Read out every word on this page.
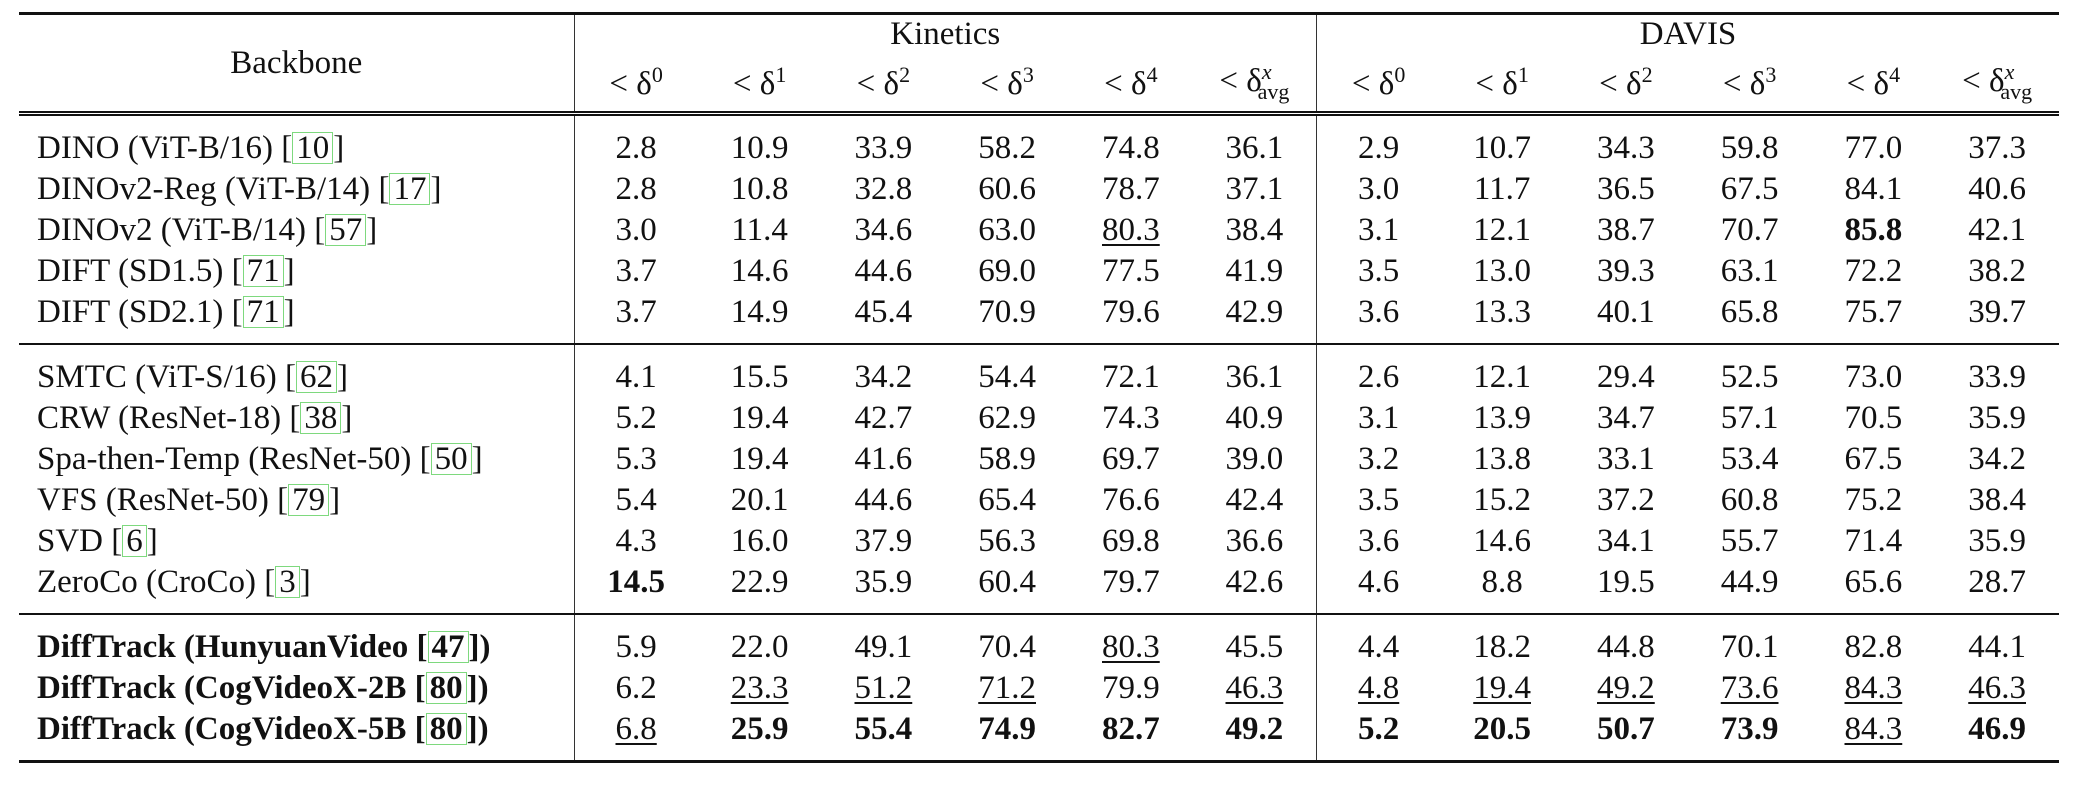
Backbone	Kinetics						DAVIS					
	< $\delta^0$	< $\delta^1$	< $\delta^2$	< $\delta^3$	< $\delta^4$	< $\delta^x_{avg}$	< $\delta^0$	< $\delta^1$	< $\delta^2$	< $\delta^3$	< $\delta^4$	< $\delta^x_{avg}$
DINO (ViT-B/16) [ 10 ]	2.8	10.9	33.9	58.2	74.8	36.1	2.9	10.7	34.3	59.8	77.0	37.3
DINOv2-Reg (ViT-B/14) [ 17 ]	2.8	10.8	32.8	60.6	78.7	37.1	3.0	11.7	36.5	67.5	84.1	40.6
DINOv2 (ViT-B/14) [ 57 ]	3.0	11.4	34.6	63.0	80.3	38.4	3.1	12.1	38.7	70.7	85.8	42.1
DIFT (SD1.5) [ 71 ]	3.7	14.6	44.6	69.0	77.5	41.9	3.5	13.0	39.3	63.1	72.2	38.2
DIFT (SD2.1) [ 71 ]	3.7	14.9	45.4	70.9	79.6	42.9	3.6	13.3	40.1	65.8	75.7	39.7
SMTC (ViT-S/16) [ 62 ]	4.1	15.5	34.2	54.4	72.1	36.1	2.6	12.1	29.4	52.5	73.0	33.9
CRW (ResNet-18) [ 38 ]	5.2	19.4	42.7	62.9	74.3	40.9	3.1	13.9	34.7	57.1	70.5	35.9
Spa-then-Temp (ResNet-50) [ 50 ]	5.3	19.4	41.6	58.9	69.7	39.0	3.2	13.8	33.1	53.4	67.5	34.2
VFS (ResNet-50) [ 79 ]	5.4	20.1	44.6	65.4	76.6	42.4	3.5	15.2	37.2	60.8	75.2	38.4
SVD [ 6 ]	4.3	16.0	37.9	56.3	69.8	36.6	3.6	14.6	34.1	55.7	71.4	35.9
ZeroCo (CroCo) [ 3 ]	14.5	22.9	35.9	60.4	79.7	42.6	4.6	8.8	19.5	44.9	65.6	28.7
DiffTrack (HunyuanVideo [ 47 ])	5.9	22.0	49.1	70.4	80.3	45.5	4.4	18.2	44.8	70.1	82.8	44.1
DiffTrack (CogVideoX-2B [ 80 ])	6.2	23.3	51.2	71.2	79.9	46.3	4.8	19.4	49.2	73.6	84.3	46.3
DiffTrack (CogVideoX-5B [ 80 ])	6.8	25.9	55.4	74.9	82.7	49.2	5.2	20.5	50.7	73.9	84.3	46.9
